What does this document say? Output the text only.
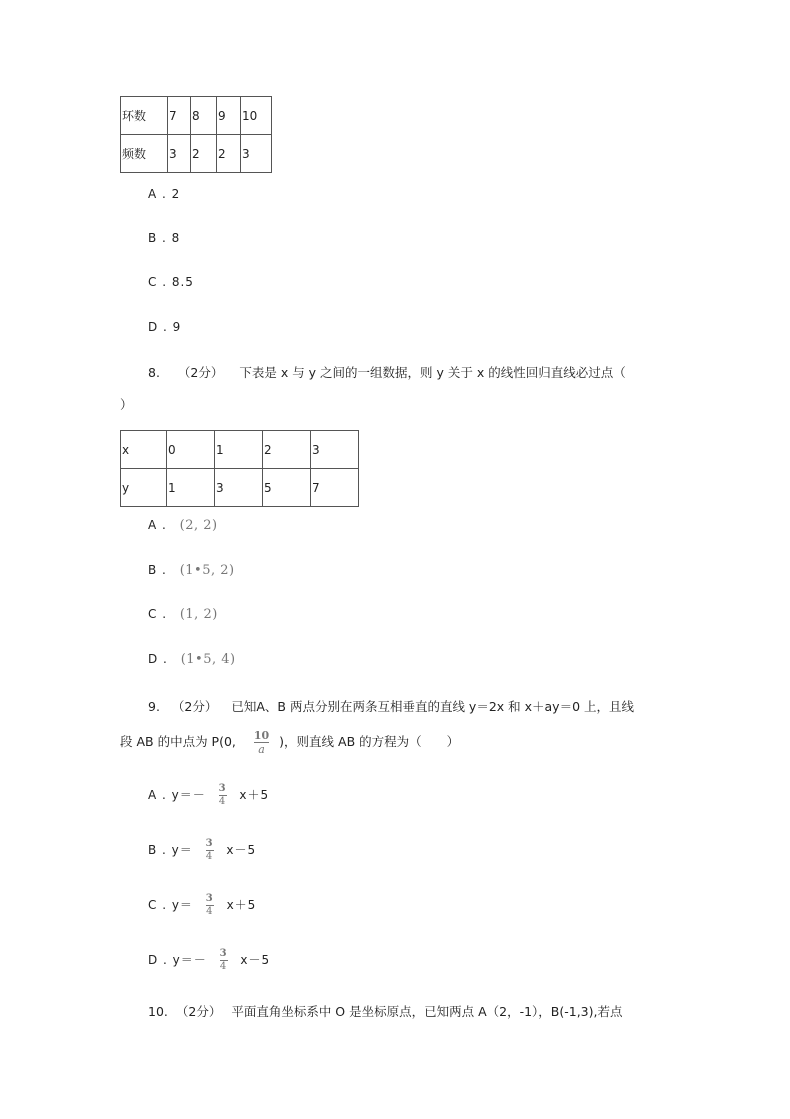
环数	7	8	9	10
频数	3	2	2	3
A . 2
B . 8
C . 8.5
D . 9
8. （2分） 下表是 x 与 y 之间的一组数据，则 y 关于 x 的线性回归直线必过点（
）
x	0	1	2	3
y	1	3	5	7
A . (2, 2)
B . (1•5, 2)
C . (1, 2)
D . (1•5, 4)
9. （2分） 已知A、B 两点分别在两条互相垂直的直线 y＝2x 和 x＋ay＝0 上，且线
段 AB 的中点为 P(0, $\frac{10}{a}$ )，则直线 AB 的方程为（　　）
A . $y=- \frac{3}{4} x+5$
B . $y= \frac{3}{4} x-5$
C . $y= \frac{3}{4} x+5$
D . $y=- \frac{3}{4} x-5$
10. （2分） 平面直角坐标系中 O 是坐标原点，已知两点 A（2，-1），B(-1,3),若点
